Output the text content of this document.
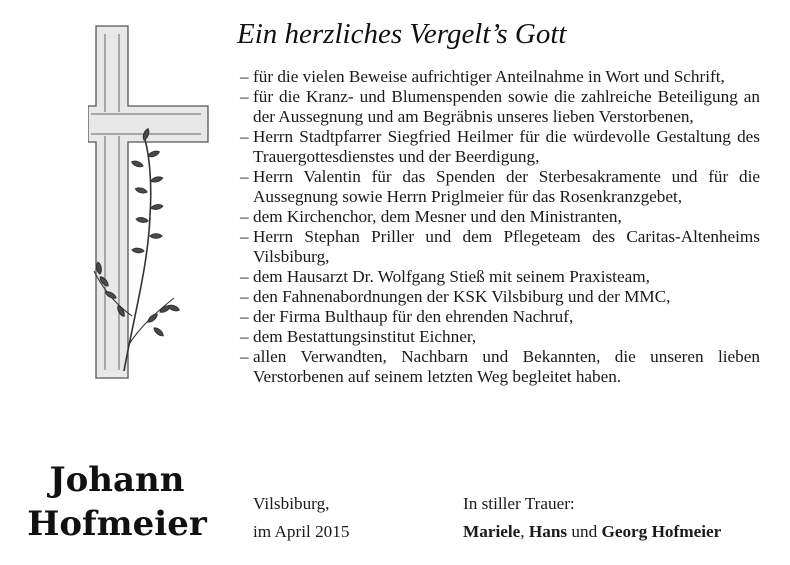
Ein herzliches Vergelt’s Gott
– für die vielen Beweise aufrichtiger Anteilnahme in Wort und Schrift,
– für die Kranz- und Blumenspenden sowie die zahlreiche Beteiligung an der Aussegnung und am Begräbnis unseres lieben Verstorbenen,
– Herrn Stadtpfarrer Siegfried Heilmer für die würdevolle Gestaltung des Trauergottesdienstes und der Beerdigung,
– Herrn Valentin für das Spenden der Sterbesakramente und für die Aussegnung sowie Herrn Priglmeier für das Rosenkranzgebet,
– dem Kirchenchor, dem Mesner und den Ministranten,
– Herrn Stephan Priller und dem Pflegeteam des Caritas-Altenheims Vilsbiburg,
– dem Hausarzt Dr. Wolfgang Stieß mit seinem Praxisteam,
– den Fahnenabordnungen der KSK Vilsbiburg und der MMC,
– der Firma Bulthaup für den ehrenden Nachruf,
– dem Bestattungsinstitut Eichner,
– allen Verwandten, Nachbarn und Bekannten, die unseren lieben Verstorbenen auf seinem letzten Weg begleitet haben.
Johann
Hofmeier
Vilsbiburg,
im April 2015
In stiller Trauer:
Mariele, Hans und Georg Hofmeier
